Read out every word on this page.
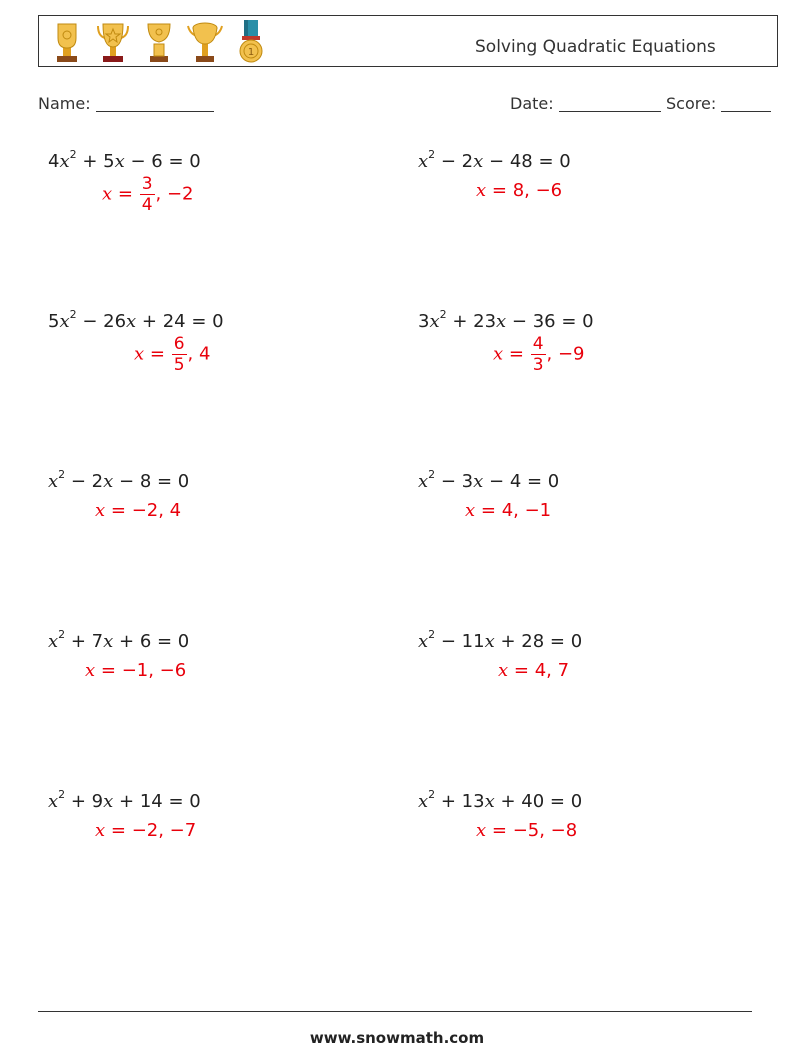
1	Solving Quadratic Equations
Name:	Date:	Score:
$4x^2 + 5x - 6 = 0$
$x = \frac{3}{4}$ , −2
$x^2 - 2x - 48 = 0$
x = 8, −6
$5x^2 - 26x + 24 = 0$
$x = \frac{6}{5}$ , 4
$3x^2 + 23x - 36 = 0$
$x = \frac{4}{3}$ , −9
$x^2 - 2x - 8 = 0$
x = −2, 4
$x^2 - 3x - 4 = 0$
x = 4, −1
$x^2 + 7x + 6 = 0$
x = −1, −6
$x^2 - 11x + 28 = 0$
x = 4, 7
$x^2 + 9x + 14 = 0$
x = −2, −7
$x^2 + 13x + 40 = 0$
x = −5, −8
www.snowmath.com
